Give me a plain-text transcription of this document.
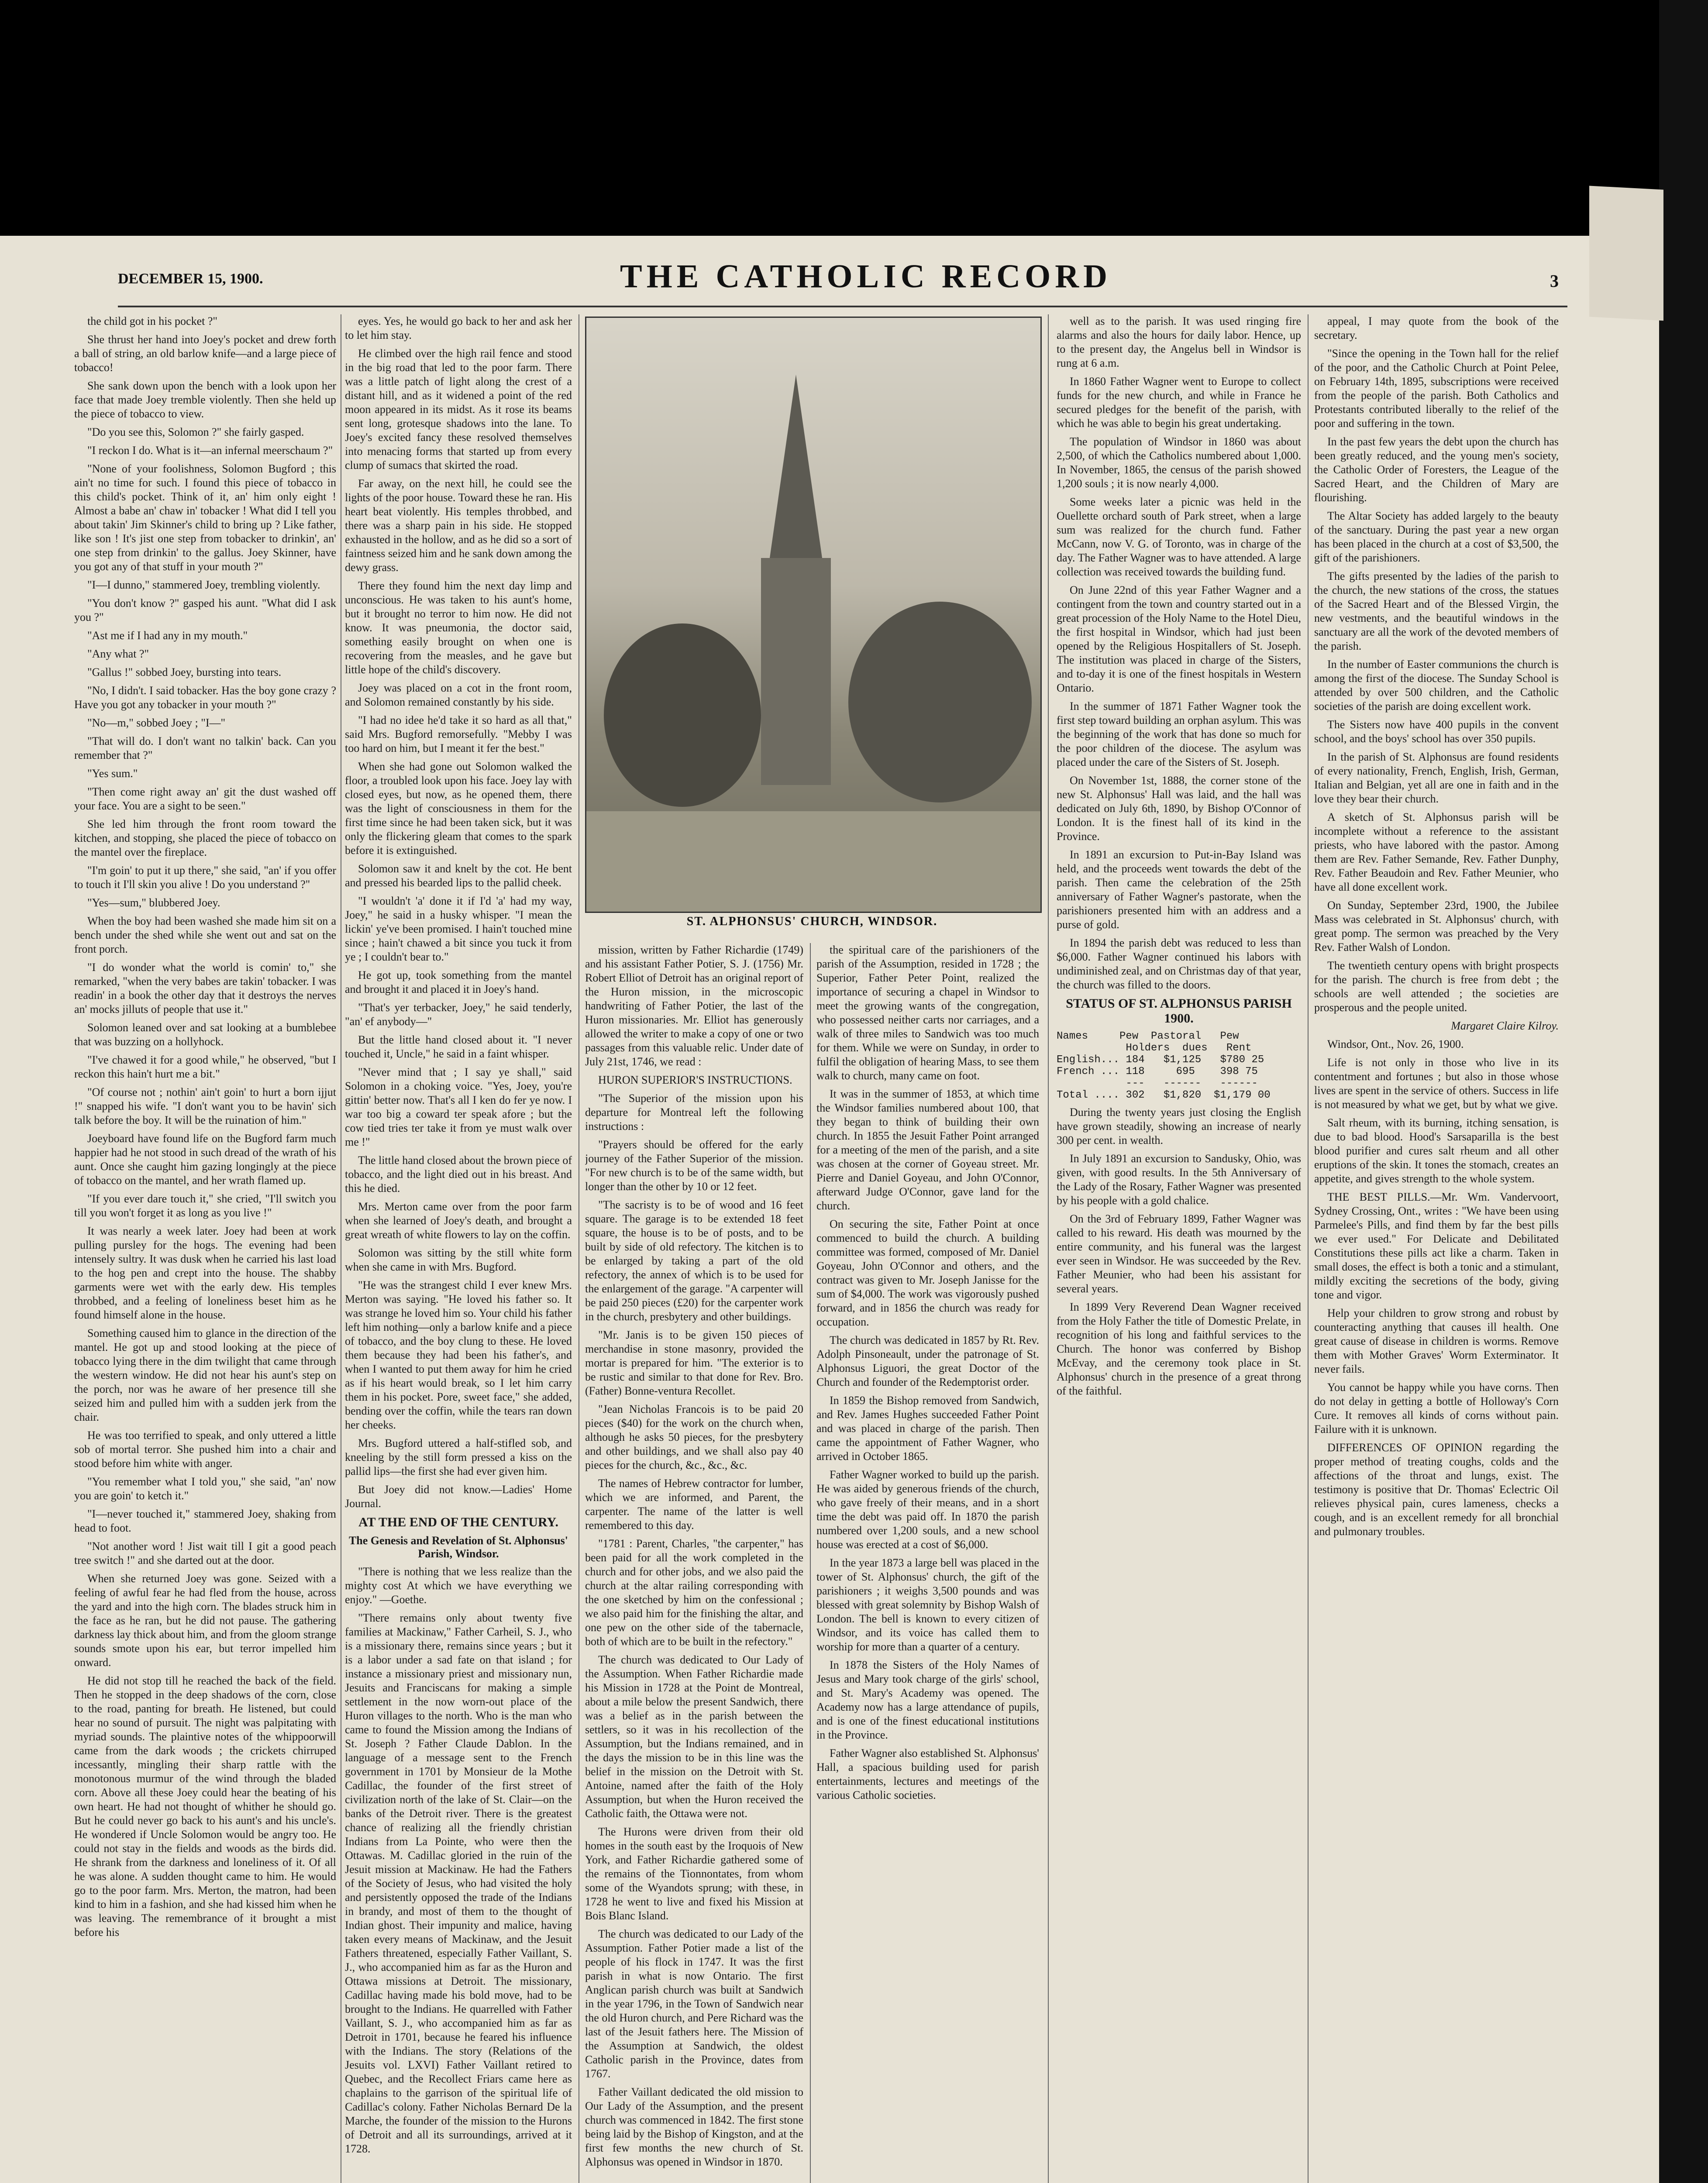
DECEMBER 15, 1900.	THE CATHOLIC RECORD	3

the child got in his pocket ?"

She thrust her hand into Joey's pocket and drew forth a ball of string, an old barlow knife—and a large piece of tobacco!

She sank down upon the bench with a look upon her face that made Joey tremble violently. Then she held up the piece of tobacco to view.

"Do you see this, Solomon ?" she fairly gasped.

"I reckon I do. What is it—an infernal meerschaum ?"

"None of your foolishness, Solomon Bugford ; this ain't no time for such. I found this piece of tobacco in this child's pocket. Think of it, an' him only eight ! Almost a babe an' chaw in' tobacker ! What did I tell you about takin' Jim Skinner's child to bring up ? Like father, like son ! It's jist one step from tobacker to drinkin', an' one step from drinkin' to the gallus. Joey Skinner, have you got any of that stuff in your mouth ?"

"I—I dunno," stammered Joey, trembling violently.

"You don't know ?" gasped his aunt. "What did I ask you ?"

"Ast me if I had any in my mouth."

"Any what ?"

"Gallus !" sobbed Joey, bursting into tears.

"No, I didn't. I said tobacker. Has the boy gone crazy ? Have you got any tobacker in your mouth ?"

"No—m," sobbed Joey ; "I—"

"That will do. I don't want no talkin' back. Can you remember that ?"

"Yes sum."

"Then come right away an' git the dust washed off your face. You are a sight to be seen."

She led him through the front room toward the kitchen, and stopping, she placed the piece of tobacco on the mantel over the fireplace.

"I'm goin' to put it up there," she said, "an' if you offer to touch it I'll skin you alive ! Do you understand ?"

"Yes—sum," blubbered Joey.

When the boy had been washed she made him sit on a bench under the shed while she went out and sat on the front porch.

"I do wonder what the world is comin' to," she remarked, "when the very babes are takin' tobacker. I was readin' in a book the other day that it destroys the nerves an' mocks jilluts of people that use it."

Solomon leaned over and sat looking at a bumblebee that was buzzing on a hollyhock.

"I've chawed it for a good while," he observed, "but I reckon this hain't hurt me a bit."

"Of course not ; nothin' ain't goin' to hurt a born ijjut !" snapped his wife. "I don't want you to be havin' sich talk before the boy. It will be the ruination of him."

Joeyboard have found life on the Bugford farm much happier had he not stood in such dread of the wrath of his aunt. Once she caught him gazing longingly at the piece of tobacco on the mantel, and her wrath flamed up.

"If you ever dare touch it," she cried, "I'll switch you till you won't forget it as long as you live !"

It was nearly a week later. Joey had been at work pulling pursley for the hogs. The evening had been intensely sultry. It was dusk when he carried his last load to the hog pen and crept into the house. The shabby garments were wet with the early dew. His temples throbbed, and a feeling of loneliness beset him as he found himself alone in the house.

Something caused him to glance in the direction of the mantel. He got up and stood looking at the piece of tobacco lying there in the dim twilight that came through the western window. He did not hear his aunt's step on the porch, nor was he aware of her presence till she seized him and pulled him with a sudden jerk from the chair.

He was too terrified to speak, and only uttered a little sob of mortal terror. She pushed him into a chair and stood before him white with anger.

"You remember what I told you," she said, "an' now you are goin' to ketch it."

"I—never touched it," stammered Joey, shaking from head to foot.

"Not another word ! Jist wait till I git a good peach tree switch !" and she darted out at the door.

When she returned Joey was gone. Seized with a feeling of awful fear he had fled from the house, across the yard and into the high corn. The blades struck him in the face as he ran, but he did not pause. The gathering darkness lay thick about him, and from the gloom strange sounds smote upon his ear, but terror impelled him onward.

He did not stop till he reached the back of the field. Then he stopped in the deep shadows of the corn, close to the road, panting for breath. He listened, but could hear no sound of pursuit. The night was palpitating with myriad sounds. The plaintive notes of the whippoorwill came from the dark woods ; the crickets chirruped incessantly, mingling their sharp rattle with the monotonous murmur of the wind through the bladed corn. Above all these Joey could hear the beating of his own heart. He had not thought of whither he should go. But he could never go back to his aunt's and his uncle's. He wondered if Uncle Solomon would be angry too. He could not stay in the fields and woods as the birds did. He shrank from the darkness and loneliness of it. Of all he was alone. A sudden thought came to him. He would go to the poor farm. Mrs. Merton, the matron, had been kind to him in a fashion, and she had kissed him when he was leaving. The remembrance of it brought a mist before his

eyes. Yes, he would go back to her and ask her to let him stay.

He climbed over the high rail fence and stood in the big road that led to the poor farm. There was a little patch of light along the crest of a distant hill, and as it widened a point of the red moon appeared in its midst. As it rose its beams sent long, grotesque shadows into the lane. To Joey's excited fancy these resolved themselves into menacing forms that started up from every clump of sumacs that skirted the road.

Far away, on the next hill, he could see the lights of the poor house. Toward these he ran. His heart beat violently. His temples throbbed, and there was a sharp pain in his side. He stopped exhausted in the hollow, and as he did so a sort of faintness seized him and he sank down among the dewy grass.

There they found him the next day limp and unconscious. He was taken to his aunt's home, but it brought no terror to him now. He did not know. It was pneumonia, the doctor said, something easily brought on when one is recovering from the measles, and he gave but little hope of the child's discovery.

Joey was placed on a cot in the front room, and Solomon remained constantly by his side.

"I had no idee he'd take it so hard as all that," said Mrs. Bugford remorsefully. "Mebby I was too hard on him, but I meant it fer the best."

When she had gone out Solomon walked the floor, a troubled look upon his face. Joey lay with closed eyes, but now, as he opened them, there was the light of consciousness in them for the first time since he had been taken sick, but it was only the flickering gleam that comes to the spark before it is extinguished.

Solomon saw it and knelt by the cot. He bent and pressed his bearded lips to the pallid cheek.

"I wouldn't 'a' done it if I'd 'a' had my way, Joey," he said in a husky whisper. "I mean the lickin' ye've been promised. I hain't touched mine since ; hain't chawed a bit since you tuck it from ye ; I couldn't bear to."

He got up, took something from the mantel and brought it and placed it in Joey's hand.

"That's yer terbacker, Joey," he said tenderly, "an' ef anybody—"

But the little hand closed about it. "I never touched it, Uncle," he said in a faint whisper.

"Never mind that ; I say ye shall," said Solomon in a choking voice. "Yes, Joey, you're gittin' better now. That's all I ken do fer ye now. I war too big a coward ter speak afore ; but the cow tied tries ter take it from ye must walk over me !"

The little hand closed about the brown piece of tobacco, and the light died out in his breast. And this he died.

Mrs. Merton came over from the poor farm when she learned of Joey's death, and brought a great wreath of white flowers to lay on the coffin.

Solomon was sitting by the still white form when she came in with Mrs. Bugford.

"He was the strangest child I ever knew Mrs. Merton was saying. "He loved his father so. It was strange he loved him so. Your child his father left him nothing—only a barlow knife and a piece of tobacco, and the boy clung to these. He loved them because they had been his father's, and when I wanted to put them away for him he cried as if his heart would break, so I let him carry them in his pocket. Pore, sweet face," she added, bending over the coffin, while the tears ran down her cheeks.

Mrs. Bugford uttered a half-stifled sob, and kneeling by the still form pressed a kiss on the pallid lips—the first she had ever given him.

But Joey did not know.—Ladies' Home Journal.

AT THE END OF THE CENTURY.

The Genesis and Revelation of St. Alphonsus' Parish, Windsor.

"There is nothing that we less realize than the mighty cost At which we have everything we enjoy." —Goethe.

"There remains only about twenty five families at Mackinaw," Father Carheil, S. J., who is a missionary there, remains since years ; but it is a labor under a sad fate on that island ; for instance a missionary priest and missionary nun, Jesuits and Franciscans for making a simple settlement in the now worn-out place of the Huron villages to the north. Who is the man who came to found the Mission among the Indians of St. Joseph ? Father Claude Dablon. In the language of a message sent to the French government in 1701 by Monsieur de la Mothe Cadillac, the founder of the first street of civilization north of the lake of St. Clair—on the banks of the Detroit river. There is the greatest chance of realizing all the friendly christian Indians from La Pointe, who were then the Ottawas. M. Cadillac gloried in the ruin of the Jesuit mission at Mackinaw. He had the Fathers of the Society of Jesus, who had visited the holy and persistently opposed the trade of the Indians in brandy, and most of them to the thought of Indian ghost. Their impunity and malice, having taken every means of Mackinaw, and the Jesuit Fathers threatened, especially Father Vaillant, S. J., who accompanied him as far as the Huron and Ottawa missions at Detroit. The missionary, Cadillac having made his bold move, had to be brought to the Indians. He quarrelled with Father Vaillant, S. J., who accompanied him as far as Detroit in 1701, because he feared his influence with the Indians. The story (Relations of the Jesuits vol. LXVI) Father Vaillant retired to Quebec, and the Recollect Friars came here as chaplains to the garrison of the spiritual life of Cadillac's colony. Father Nicholas Bernard De la Marche, the founder of the mission to the Hurons of Detroit and all its surroundings, arrived at it 1728.

ST. ALPHONSUS' CHURCH, WINDSOR.

mission, written by Father Richardie (1749) and his assistant Father Potier, S. J. (1756) Mr. Robert Elliot of Detroit has an original report of the Huron mission, in the microscopic handwriting of Father Potier, the last of the Huron missionaries. Mr. Elliot has generously allowed the writer to make a copy of one or two passages from this valuable relic. Under date of July 21st, 1746, we read :

HURON SUPERIOR'S INSTRUCTIONS.

"The Superior of the mission upon his departure for Montreal left the following instructions :

"Prayers should be offered for the early journey of the Father Superior of the mission. "For new church is to be of the same width, but longer than the other by 10 or 12 feet.

"The sacristy is to be of wood and 16 feet square. The garage is to be extended 18 feet square, the house is to be of posts, and to be built by side of old refectory. The kitchen is to be enlarged by taking a part of the old refectory, the annex of which is to be used for the enlargement of the garage. "A carpenter will be paid 250 pieces (£20) for the carpenter work in the church, presbytery and other buildings.

"Mr. Janis is to be given 150 pieces of merchandise in stone masonry, provided the mortar is prepared for him. "The exterior is to be rustic and similar to that done for Rev. Bro. (Father) Bonne-ventura Recollet.

"Jean Nicholas Francois is to be paid 20 pieces ($40) for the work on the church when, although he asks 50 pieces, for the presbytery and other buildings, and we shall also pay 40 pieces for the church, &c., &c., &c.

The names of Hebrew contractor for lumber, which we are informed, and Parent, the carpenter. The name of the latter is well remembered to this day.

"1781 : Parent, Charles, "the carpenter," has been paid for all the work completed in the church and for other jobs, and we also paid the church at the altar railing corresponding with the one sketched by him on the confessional ; we also paid him for the finishing the altar, and one pew on the other side of the tabernacle, both of which are to be built in the refectory."

The church was dedicated to Our Lady of the Assumption. When Father Richardie made his Mission in 1728 at the Point de Montreal, about a mile below the present Sandwich, there was a belief as in the parish between the settlers, so it was in his recollection of the Assumption, but the Indians remained, and in the days the mission to be in this line was the belief in the mission on the Detroit with St. Antoine, named after the faith of the Holy Assumption, but when the Huron received the Catholic faith, the Ottawa were not.

The Hurons were driven from their old homes in the south east by the Iroquois of New York, and Father Richardie gathered some of the remains of the Tionnontates, from whom some of the Wyandots sprung; with these, in 1728 he went to live and fixed his Mission at Bois Blanc Island.

The church was dedicated to our Lady of the Assumption. Father Potier made a list of the people of his flock in 1747. It was the first parish in what is now Ontario. The first Anglican parish church was built at Sandwich in the year 1796, in the Town of Sandwich near the old Huron church, and Pere Richard was the last of the Jesuit fathers here. The Mission of the Assumption at Sandwich, the oldest Catholic parish in the Province, dates from 1767.

Father Vaillant dedicated the old mission to Our Lady of the Assumption, and the present church was commenced in 1842. The first stone being laid by the Bishop of Kingston, and at the first few months the new church of St. Alphonsus was opened in Windsor in 1870.

the spiritual care of the parishioners of the parish of the Assumption, resided in 1728 ; the Superior, Father Peter Point, realized the importance of securing a chapel in Windsor to meet the growing wants of the congregation, who possessed neither carts nor carriages, and a walk of three miles to Sandwich was too much for them. While we were on Sunday, in order to fulfil the obligation of hearing Mass, to see them walk to church, many came on foot.

It was in the summer of 1853, at which time the Windsor families numbered about 100, that they began to think of building their own church. In 1855 the Jesuit Father Point arranged for a meeting of the men of the parish, and a site was chosen at the corner of Goyeau street. Mr. Pierre and Daniel Goyeau, and John O'Connor, afterward Judge O'Connor, gave land for the church.

On securing the site, Father Point at once commenced to build the church. A building committee was formed, composed of Mr. Daniel Goyeau, John O'Connor and others, and the contract was given to Mr. Joseph Janisse for the sum of $4,000. The work was vigorously pushed forward, and in 1856 the church was ready for occupation.

The church was dedicated in 1857 by Rt. Rev. Adolph Pinsoneault, under the patronage of St. Alphonsus Liguori, the great Doctor of the Church and founder of the Redemptorist order.

In 1859 the Bishop removed from Sandwich, and Rev. James Hughes succeeded Father Point and was placed in charge of the parish. Then came the appointment of Father Wagner, who arrived in October 1865.

Father Wagner worked to build up the parish. He was aided by generous friends of the church, who gave freely of their means, and in a short time the debt was paid off. In 1870 the parish numbered over 1,200 souls, and a new school house was erected at a cost of $6,000.

In the year 1873 a large bell was placed in the tower of St. Alphonsus' church, the gift of the parishioners ; it weighs 3,500 pounds and was blessed with great solemnity by Bishop Walsh of London. The bell is known to every citizen of Windsor, and its voice has called them to worship for more than a quarter of a century.

In 1878 the Sisters of the Holy Names of Jesus and Mary took charge of the girls' school, and St. Mary's Academy was opened. The Academy now has a large attendance of pupils, and is one of the finest educational institutions in the Province.

Father Wagner also established St. Alphonsus' Hall, a spacious building used for parish entertainments, lectures and meetings of the various Catholic societies.

well as to the parish. It was used ringing fire alarms and also the hours for daily labor. Hence, up to the present day, the Angelus bell in Windsor is rung at 6 a.m.

In 1860 Father Wagner went to Europe to collect funds for the new church, and while in France he secured pledges for the benefit of the parish, with which he was able to begin his great undertaking.

The population of Windsor in 1860 was about 2,500, of which the Catholics numbered about 1,000. In November, 1865, the census of the parish showed 1,200 souls ; it is now nearly 4,000.

Some weeks later a picnic was held in the Ouellette orchard south of Park street, when a large sum was realized for the church fund. Father McCann, now V. G. of Toronto, was in charge of the day. The Father Wagner was to have attended. A large collection was received towards the building fund.

On June 22nd of this year Father Wagner and a contingent from the town and country started out in a great procession of the Holy Name to the Hotel Dieu, the first hospital in Windsor, which had just been opened by the Religious Hospitallers of St. Joseph. The institution was placed in charge of the Sisters, and to-day it is one of the finest hospitals in Western Ontario.

In the summer of 1871 Father Wagner took the first step toward building an orphan asylum. This was the beginning of the work that has done so much for the poor children of the diocese. The asylum was placed under the care of the Sisters of St. Joseph.

On November 1st, 1888, the corner stone of the new St. Alphonsus' Hall was laid, and the hall was dedicated on July 6th, 1890, by Bishop O'Connor of London. It is the finest hall of its kind in the Province.

In 1891 an excursion to Put-in-Bay Island was held, and the proceeds went towards the debt of the parish. Then came the celebration of the 25th anniversary of Father Wagner's pastorate, when the parishioners presented him with an address and a purse of gold.

In 1894 the parish debt was reduced to less than $6,000. Father Wagner continued his labors with undiminished zeal, and on Christmas day of that year, the church was filled to the doors.

STATUS OF ST. ALPHONSUS PARISH 1900.

Names     Pew  Pastoral   Pew
Holders  dues   Rent
English... 184   $1,125   $780 25
French ... 118     695    398 75
---   ------   ------
Total .... 302   $1,820  $1,179 00

During the twenty years just closing the English have grown steadily, showing an increase of nearly 300 per cent. in wealth.

In July 1891 an excursion to Sandusky, Ohio, was given, with good results. In the 5th Anniversary of the Lady of the Rosary, Father Wagner was presented by his people with a gold chalice.

On the 3rd of February 1899, Father Wagner was called to his reward. His death was mourned by the entire community, and his funeral was the largest ever seen in Windsor. He was succeeded by the Rev. Father Meunier, who had been his assistant for several years.

In 1899 Very Reverend Dean Wagner received from the Holy Father the title of Domestic Prelate, in recognition of his long and faithful services to the Church. The honor was conferred by Bishop McEvay, and the ceremony took place in St. Alphonsus' church in the presence of a great throng of the faithful.

appeal, I may quote from the book of the secretary.

"Since the opening in the Town hall for the relief of the poor, and the Catholic Church at Point Pelee, on February 14th, 1895, subscriptions were received from the people of the parish. Both Catholics and Protestants contributed liberally to the relief of the poor and suffering in the town.

In the past few years the debt upon the church has been greatly reduced, and the young men's society, the Catholic Order of Foresters, the League of the Sacred Heart, and the Children of Mary are flourishing.

The Altar Society has added largely to the beauty of the sanctuary. During the past year a new organ has been placed in the church at a cost of $3,500, the gift of the parishioners.

The gifts presented by the ladies of the parish to the church, the new stations of the cross, the statues of the Sacred Heart and of the Blessed Virgin, the new vestments, and the beautiful windows in the sanctuary are all the work of the devoted members of the parish.

In the number of Easter communions the church is among the first of the diocese. The Sunday School is attended by over 500 children, and the Catholic societies of the parish are doing excellent work.

The Sisters now have 400 pupils in the convent school, and the boys' school has over 350 pupils.

In the parish of St. Alphonsus are found residents of every nationality, French, English, Irish, German, Italian and Belgian, yet all are one in faith and in the love they bear their church.

A sketch of St. Alphonsus parish will be incomplete without a reference to the assistant priests, who have labored with the pastor. Among them are Rev. Father Semande, Rev. Father Dunphy, Rev. Father Beaudoin and Rev. Father Meunier, who have all done excellent work.

On Sunday, September 23rd, 1900, the Jubilee Mass was celebrated in St. Alphonsus' church, with great pomp. The sermon was preached by the Very Rev. Father Walsh of London.

The twentieth century opens with bright prospects for the parish. The church is free from debt ; the schools are well attended ; the societies are prosperous and the people united.

Margaret Claire Kilroy.

Windsor, Ont., Nov. 26, 1900.

Life is not only in those who live in its contentment and fortunes ; but also in those whose lives are spent in the service of others. Success in life is not measured by what we get, but by what we give.

Salt rheum, with its burning, itching sensation, is due to bad blood. Hood's Sarsaparilla is the best blood purifier and cures salt rheum and all other eruptions of the skin. It tones the stomach, creates an appetite, and gives strength to the whole system.

THE BEST PILLS.—Mr. Wm. Vandervoort, Sydney Crossing, Ont., writes : "We have been using Parmelee's Pills, and find them by far the best pills we ever used." For Delicate and Debilitated Constitutions these pills act like a charm. Taken in small doses, the effect is both a tonic and a stimulant, mildly exciting the secretions of the body, giving tone and vigor.

Help your children to grow strong and robust by counteracting anything that causes ill health. One great cause of disease in children is worms. Remove them with Mother Graves' Worm Exterminator. It never fails.

You cannot be happy while you have corns. Then do not delay in getting a bottle of Holloway's Corn Cure. It removes all kinds of corns without pain. Failure with it is unknown.

DIFFERENCES OF OPINION regarding the proper method of treating coughs, colds and the affections of the throat and lungs, exist. The testimony is positive that Dr. Thomas' Eclectric Oil relieves physical pain, cures lameness, checks a cough, and is an excellent remedy for all bronchial and pulmonary troubles.
